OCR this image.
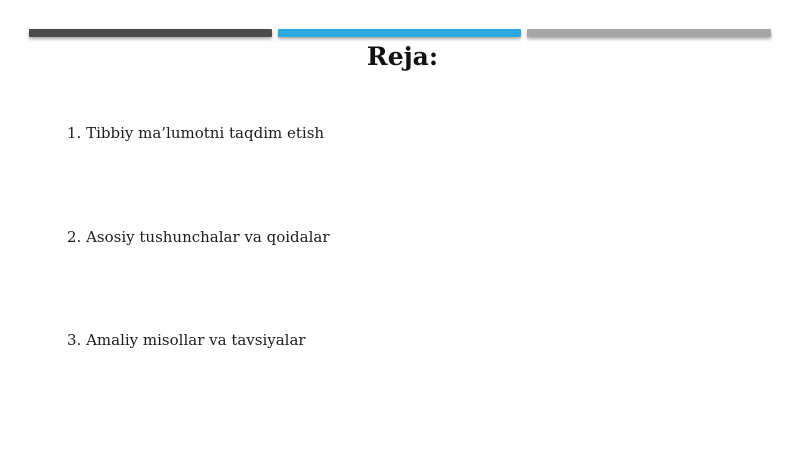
Reja:
1. Tibbiy ma’lumotni taqdim etish
2. Asosiy tushunchalar va qoidalar
3. Amaliy misollar va tavsiyalar
